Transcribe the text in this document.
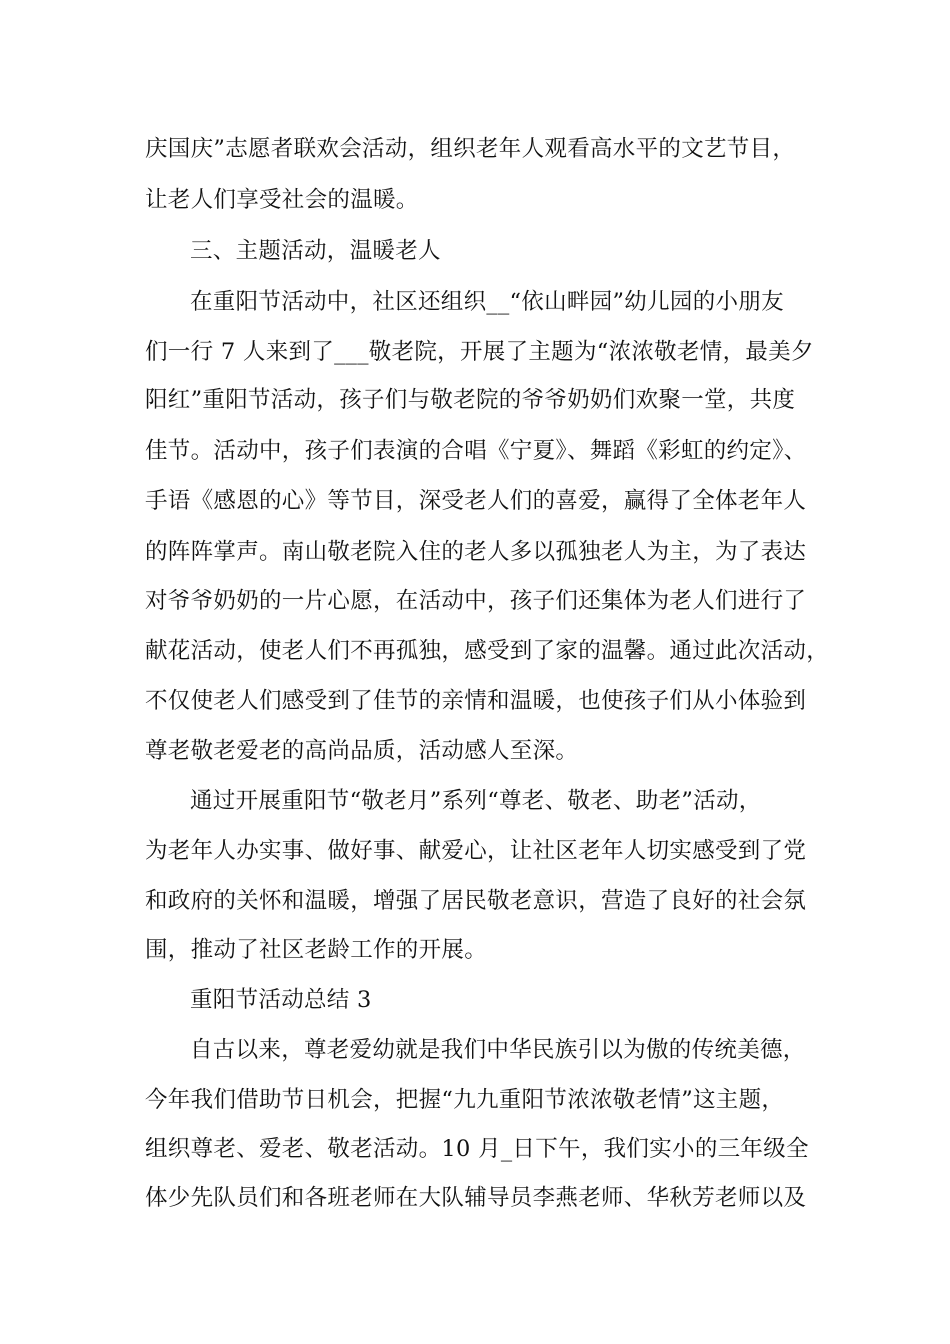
庆国庆”志愿者联欢会活动，组织老年人观看高水平的文艺节目，
让老人们享受社会的温暖。
三、主题活动，温暖老人
在重阳节活动中，社区还组织__“依山畔园”幼儿园的小朋友
们一行 7 人来到了___敬老院，开展了主题为“浓浓敬老情，最美夕
阳红”重阳节活动，孩子们与敬老院的爷爷奶奶们欢聚一堂，共度
佳节。活动中，孩子们表演的合唱《宁夏》、舞蹈《彩虹的约定》、
手语《感恩的心》等节目，深受老人们的喜爱，赢得了全体老年人
的阵阵掌声。南山敬老院入住的老人多以孤独老人为主，为了表达
对爷爷奶奶的一片心愿，在活动中，孩子们还集体为老人们进行了
献花活动，使老人们不再孤独，感受到了家的温馨。通过此次活动，
不仅使老人们感受到了佳节的亲情和温暖，也使孩子们从小体验到
尊老敬老爱老的高尚品质，活动感人至深。
通过开展重阳节“敬老月”系列“尊老、敬老、助老”活动，
为老年人办实事、做好事、献爱心，让社区老年人切实感受到了党
和政府的关怀和温暖，增强了居民敬老意识，营造了良好的社会氛
围，推动了社区老龄工作的开展。
重阳节活动总结 3
自古以来，尊老爱幼就是我们中华民族引以为傲的传统美德，
今年我们借助节日机会，把握“九九重阳节浓浓敬老情”这主题，
组织尊老、爱老、敬老活动。10 月_日下午，我们实小的三年级全
体少先队员们和各班老师在大队辅导员李燕老师、华秋芳老师以及
